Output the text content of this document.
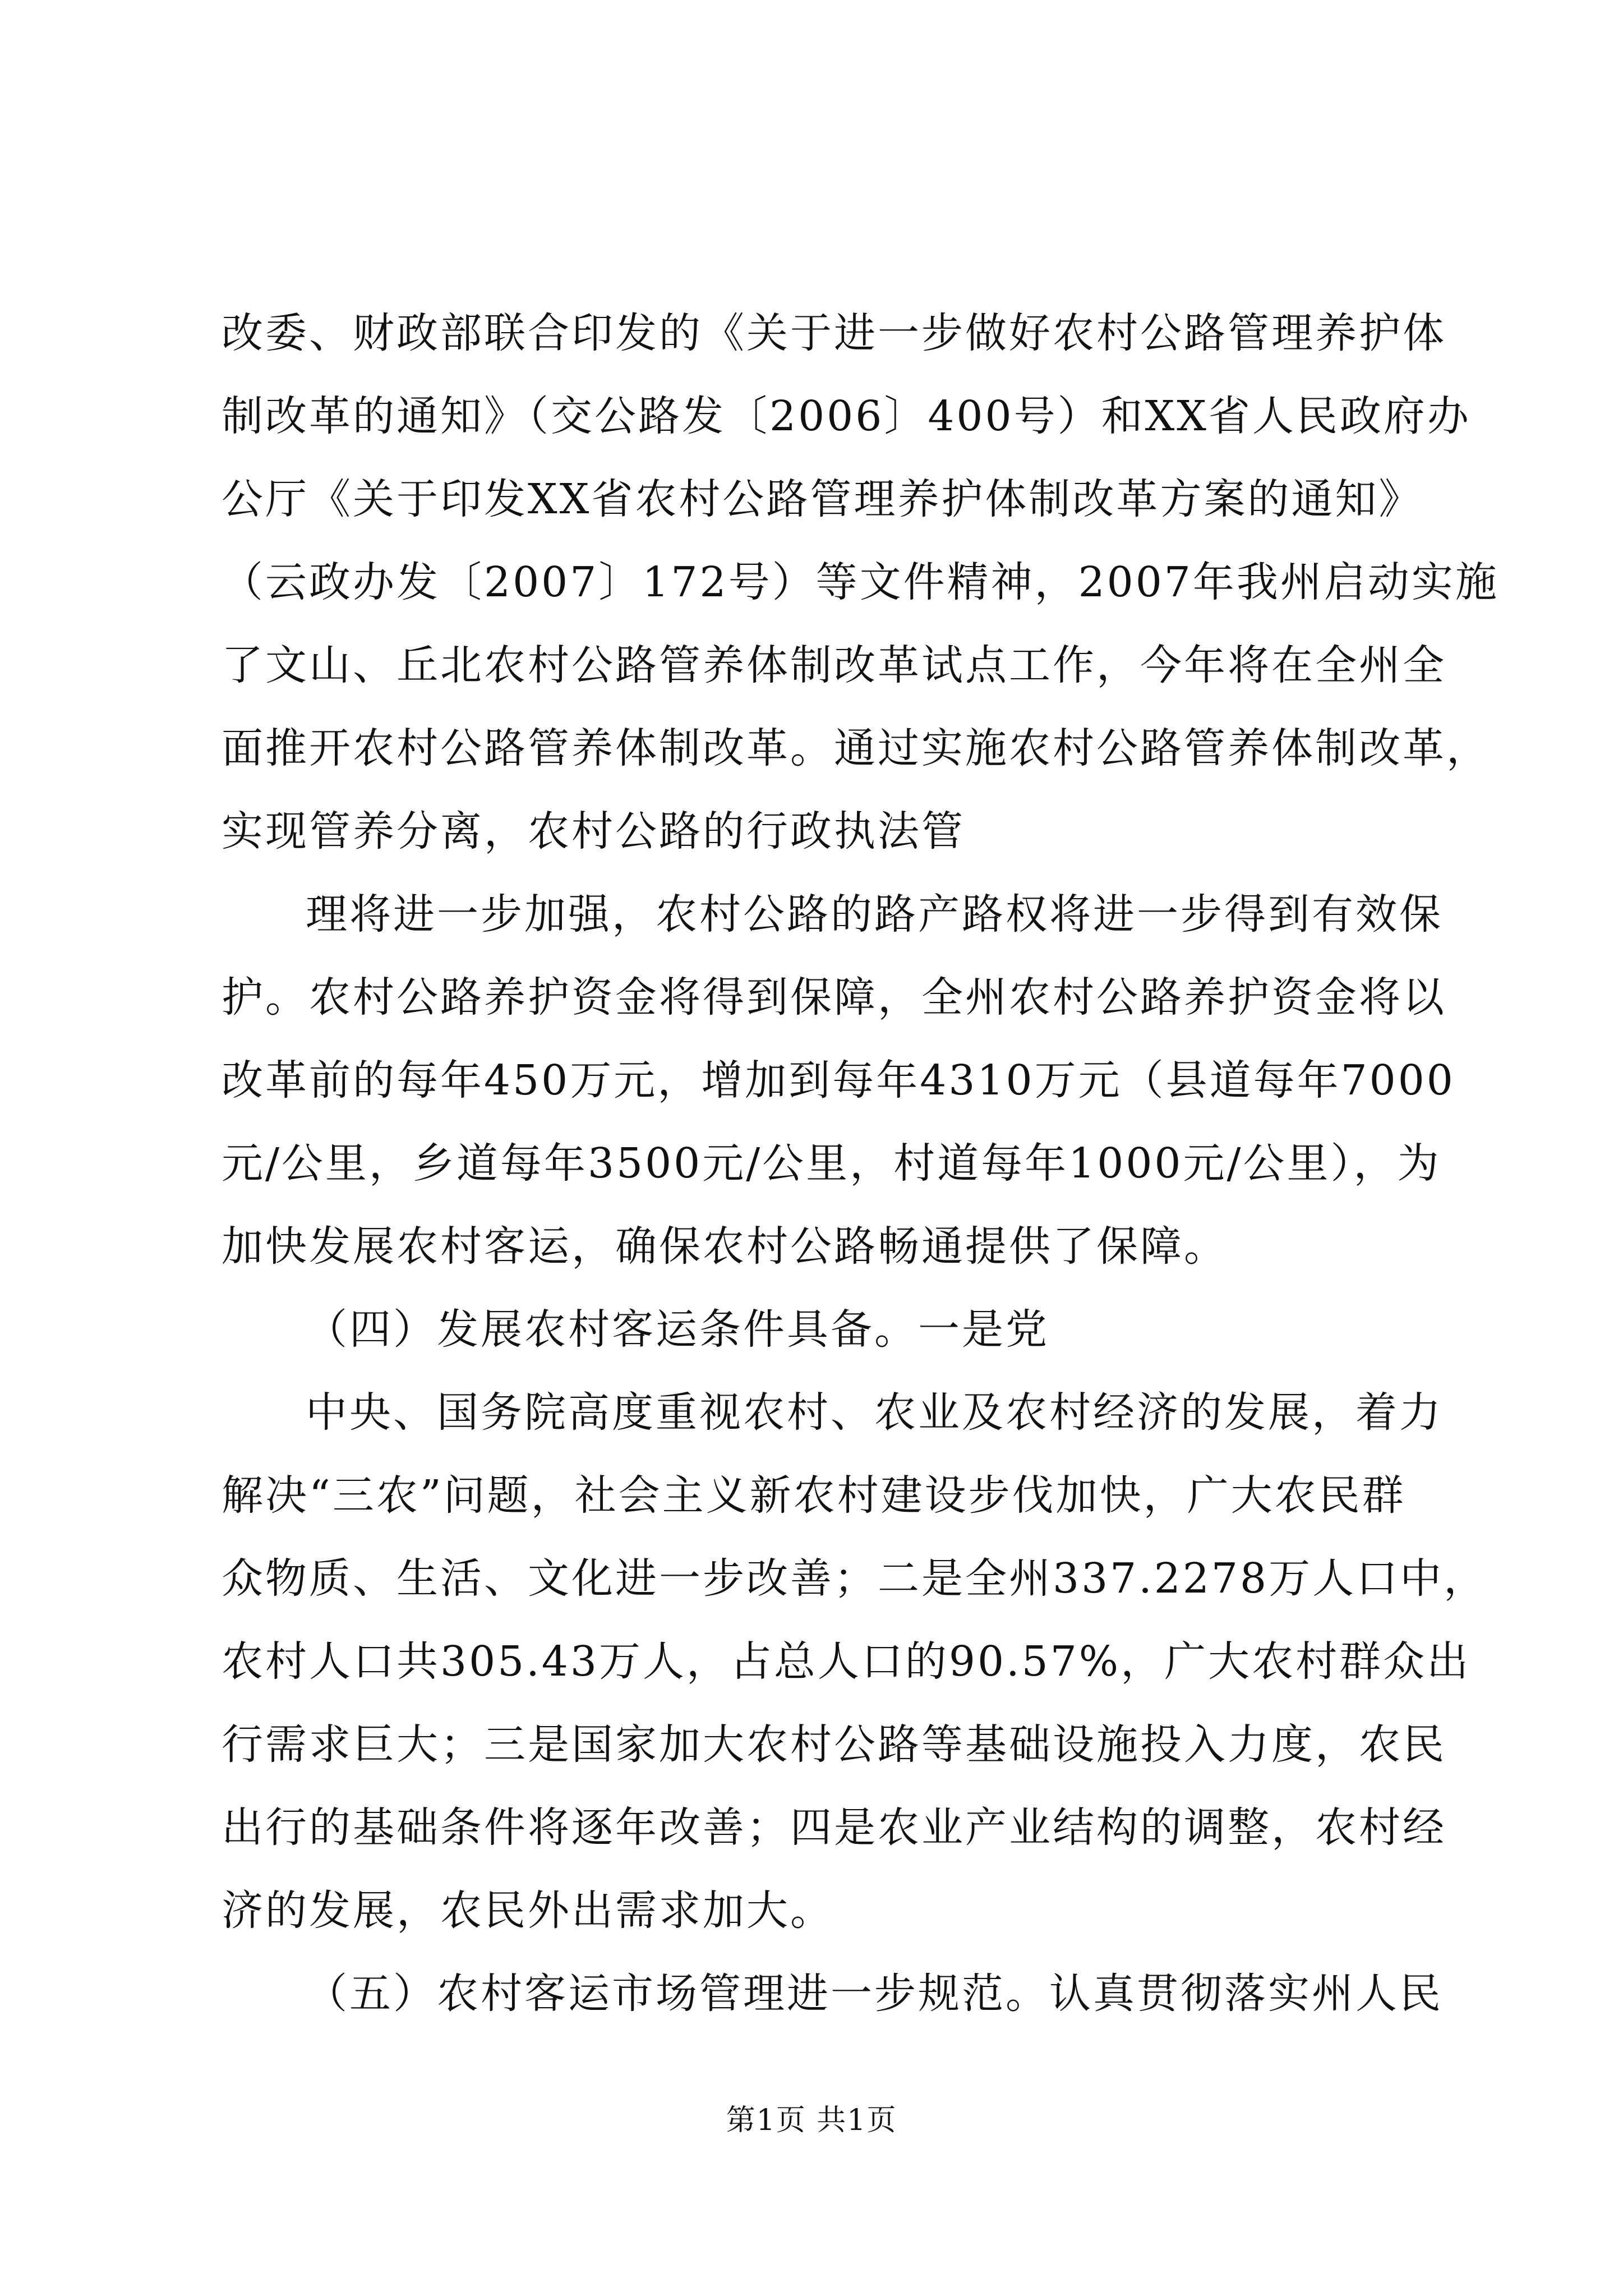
改委、财政部联合印发的《关于进一步做好农村公路管理养护体
制改革的通知》（交公路发〔2006〕400号）和XX省人民政府办
公厅《关于印发XX省农村公路管理养护体制改革方案的通知》
（云政办发〔2007〕172号）等文件精神，2007年我州启动实施
了文山、丘北农村公路管养体制改革试点工作，今年将在全州全
面推开农村公路管养体制改革。通过实施农村公路管养体制改革，
实现管养分离，农村公路的行政执法管
理将进一步加强，农村公路的路产路权将进一步得到有效保
护。农村公路养护资金将得到保障，全州农村公路养护资金将以
改革前的每年450万元，增加到每年4310万元（县道每年7000
元/公里，乡道每年3500元/公里，村道每年1000元/公里），为
加快发展农村客运，确保农村公路畅通提供了保障。
（四）发展农村客运条件具备。一是党
中央、国务院高度重视农村、农业及农村经济的发展，着力
解决“三农”问题，社会主义新农村建设步伐加快，广大农民群
众物质、生活、文化进一步改善；二是全州337.2278万人口中，
农村人口共305.43万人，占总人口的90.57%，广大农村群众出
行需求巨大；三是国家加大农村公路等基础设施投入力度，农民
出行的基础条件将逐年改善；四是农业产业结构的调整，农村经
济的发展，农民外出需求加大。
（五）农村客运市场管理进一步规范。认真贯彻落实州人民
第1页 共1页
